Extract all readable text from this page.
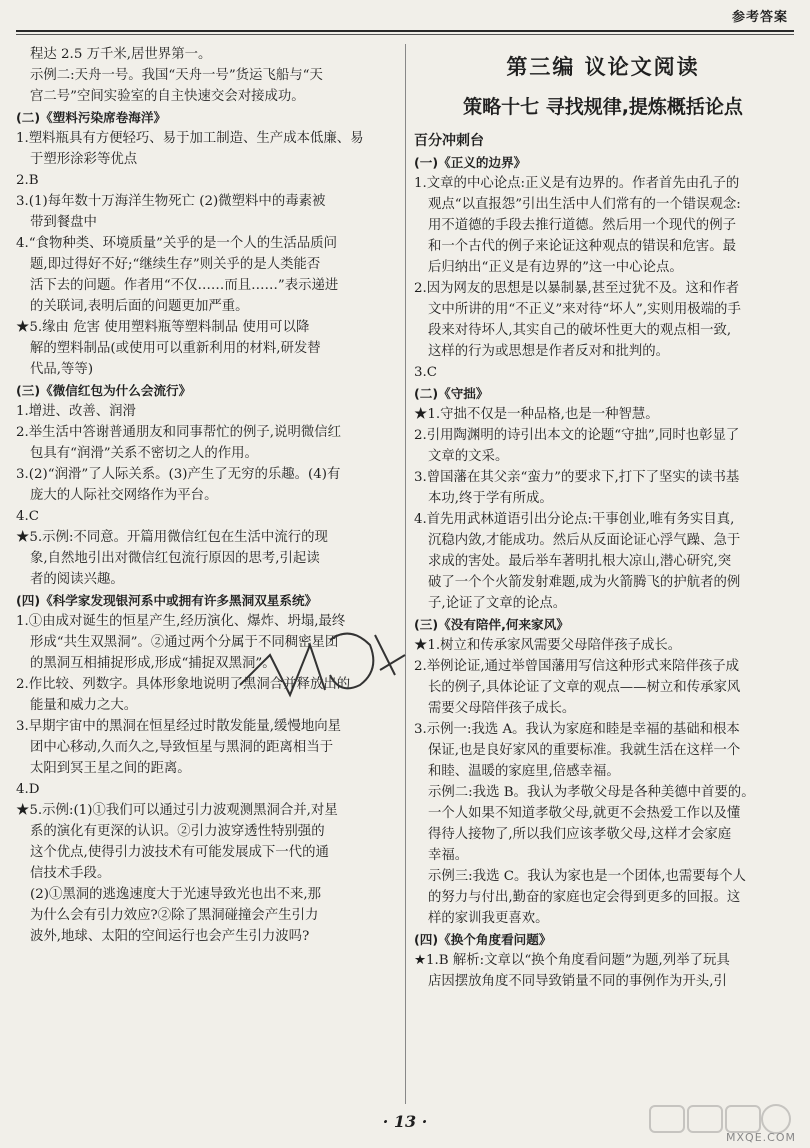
参考答案
程达 2.5 万千米,居世界第一。
示例二:天舟一号。我国“天舟一号”货运飞船与“天
宫二号”空间实验室的自主快速交会对接成功。
(二)《塑料污染席卷海洋》
1.塑料瓶具有方便轻巧、易于加工制造、生产成本低廉、易
于塑形涂彩等优点
2.B
3.(1)每年数十万海洋生物死亡 (2)微塑料中的毒素被
带到餐盘中
4.“食物种类、环境质量”关乎的是一个人的生活品质问
题,即过得好不好;“继续生存”则关乎的是人类能否
活下去的问题。作者用“不仅……而且……”表示递进
的关联词,表明后面的问题更加严重。
★5.缘由 危害 使用塑料瓶等塑料制品 使用可以降
解的塑料制品(或使用可以重新利用的材料,研发替
代品,等等)
(三)《微信红包为什么会流行》
1.增进、改善、润滑
2.举生活中答谢普通朋友和同事帮忙的例子,说明微信红
包具有“润滑”关系不密切之人的作用。
3.(2)“润滑”了人际关系。(3)产生了无穷的乐趣。(4)有
庞大的人际社交网络作为平台。
4.C
★5.示例:不同意。开篇用微信红包在生活中流行的现
象,自然地引出对微信红包流行原因的思考,引起读
者的阅读兴趣。
(四)《科学家发现银河系中或拥有许多黑洞双星系统》
1.①由成对诞生的恒星产生,经历演化、爆炸、坍塌,最终
形成“共生双黑洞”。②通过两个分属于不同稠密星团
的黑洞互相捕捉形成,形成“捕捉双黑洞”。
2.作比较、列数字。具体形象地说明了黑洞合并释放出的
能量和威力之大。
3.早期宇宙中的黑洞在恒星经过时散发能量,缓慢地向星
团中心移动,久而久之,导致恒星与黑洞的距离相当于
太阳到冥王星之间的距离。
4.D
★5.示例:(1)①我们可以通过引力波观测黑洞合并,对星
系的演化有更深的认识。②引力波穿透性特别强的
这个优点,使得引力波技术有可能发展成下一代的通
信技术手段。
(2)①黑洞的逃逸速度大于光速导致光也出不来,那
为什么会有引力效应?②除了黑洞碰撞会产生引力
波外,地球、太阳的空间运行也会产生引力波吗?
第三编 议论文阅读
策略十七 寻找规律,提炼概括论点
百分冲刺台
(一)《正义的边界》
1.文章的中心论点:正义是有边界的。作者首先由孔子的
观点“以直报怨”引出生活中人们常有的一个错误观念:
用不道德的手段去推行道德。然后用一个现代的例子
和一个古代的例子来论证这种观点的错误和危害。最
后归纳出“正义是有边界的”这一中心论点。
2.因为网友的思想是以暴制暴,甚至过犹不及。这和作者
文中所讲的用“不正义”来对待“坏人”,实则用极端的手
段来对待坏人,其实自己的破坏性更大的观点相一致,
这样的行为或思想是作者反对和批判的。
3.C
(二)《守拙》
★1.守拙不仅是一种品格,也是一种智慧。
2.引用陶渊明的诗引出本文的论题“守拙”,同时也彰显了
文章的文采。
3.曾国藩在其父亲“蛮力”的要求下,打下了坚实的读书基
本功,终于学有所成。
4.首先用武林道语引出分论点:干事创业,唯有务实目真,
沉稳内敛,才能成功。然后从反面论证心浮气躁、急于
求成的害处。最后举车著明扎根大凉山,潜心研究,突
破了一个个火箭发射难题,成为火箭腾飞的护航者的例
子,论证了文章的论点。
(三)《没有陪伴,何来家风》
★1.树立和传承家风需要父母陪伴孩子成长。
2.举例论证,通过举曾国藩用写信这种形式来陪伴孩子成
长的例子,具体论证了文章的观点——树立和传承家风
需要父母陪伴孩子成长。
3.示例一:我选 A。我认为家庭和睦是幸福的基础和根本
保证,也是良好家风的重要标准。我就生活在这样一个
和睦、温暖的家庭里,倍感幸福。
示例二:我选 B。我认为孝敬父母是各种美德中首要的。
一个人如果不知道孝敬父母,就更不会热爱工作以及懂
得待人接物了,所以我们应该孝敬父母,这样才会家庭
幸福。
示例三:我选 C。我认为家也是一个团体,也需要每个人
的努力与付出,勤奋的家庭也定会得到更多的回报。这
样的家训我更喜欢。
(四)《换个角度看问题》
★1.B 解析:文章以“换个角度看问题”为题,列举了玩具
店因摆放角度不同导致销量不同的事例作为开头,引
· 13 ·
MXQE.COM
